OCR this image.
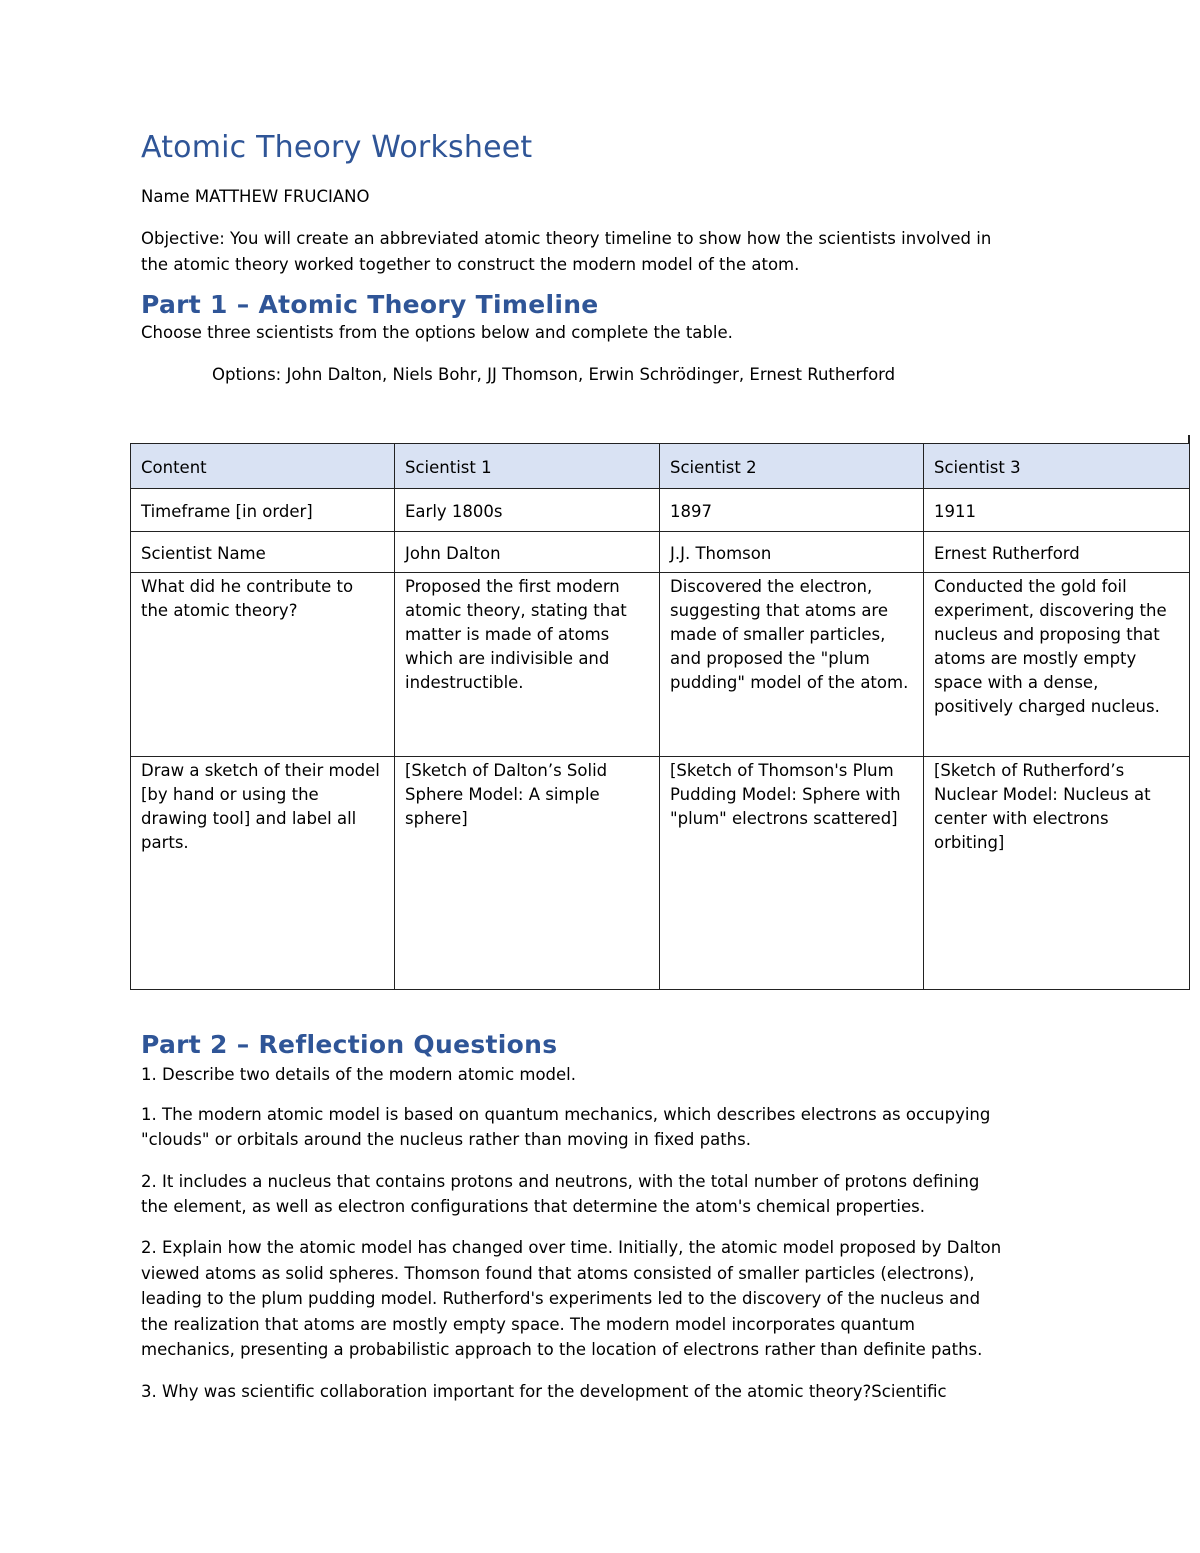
Atomic Theory Worksheet

Name MATTHEW FRUCIANO

Objective: You will create an abbreviated atomic theory timeline to show how the scientists involved in

the atomic theory worked together to construct the modern model of the atom.

Part 1 – Atomic Theory Timeline

Choose three scientists from the options below and complete the table.

Options: John Dalton, Niels Bohr, JJ Thomson, Erwin Schrödinger, Ernest Rutherford

Content	Scientist 1	Scientist 2	Scientist 3
Timeframe [in order]	Early 1800s	1897	1911
Scientist Name	John Dalton	J.J. Thomson	Ernest Rutherford
What did he contribute to the atomic theory?	Proposed the first modern atomic theory, stating that matter is made of atoms which are indivisible and indestructible.	Discovered the electron, suggesting that atoms are made of smaller particles, and proposed the "plum pudding" model of the atom.	Conducted the gold foil experiment, discovering the nucleus and proposing that atoms are mostly empty space with a dense, positively charged nucleus.
Draw a sketch of their model [by hand or using the drawing tool] and label all parts.	[Sketch of Dalton’s Solid Sphere Model: A simple sphere]	[Sketch of Thomson's Plum Pudding Model: Sphere with "plum" electrons scattered]	[Sketch of Rutherford’s Nuclear Model: Nucleus at center with electrons orbiting]
Part 2 – Reflection Questions

1. Describe two details of the modern atomic model.

1. The modern atomic model is based on quantum mechanics, which describes electrons as occupying

"clouds" or orbitals around the nucleus rather than moving in fixed paths.

2. It includes a nucleus that contains protons and neutrons, with the total number of protons defining

the element, as well as electron configurations that determine the atom's chemical properties.

2. Explain how the atomic model has changed over time. Initially, the atomic model proposed by Dalton

viewed atoms as solid spheres. Thomson found that atoms consisted of smaller particles (electrons),

leading to the plum pudding model. Rutherford's experiments led to the discovery of the nucleus and

the realization that atoms are mostly empty space. The modern model incorporates quantum

mechanics, presenting a probabilistic approach to the location of electrons rather than definite paths.

3. Why was scientific collaboration important for the development of the atomic theory?Scientific
